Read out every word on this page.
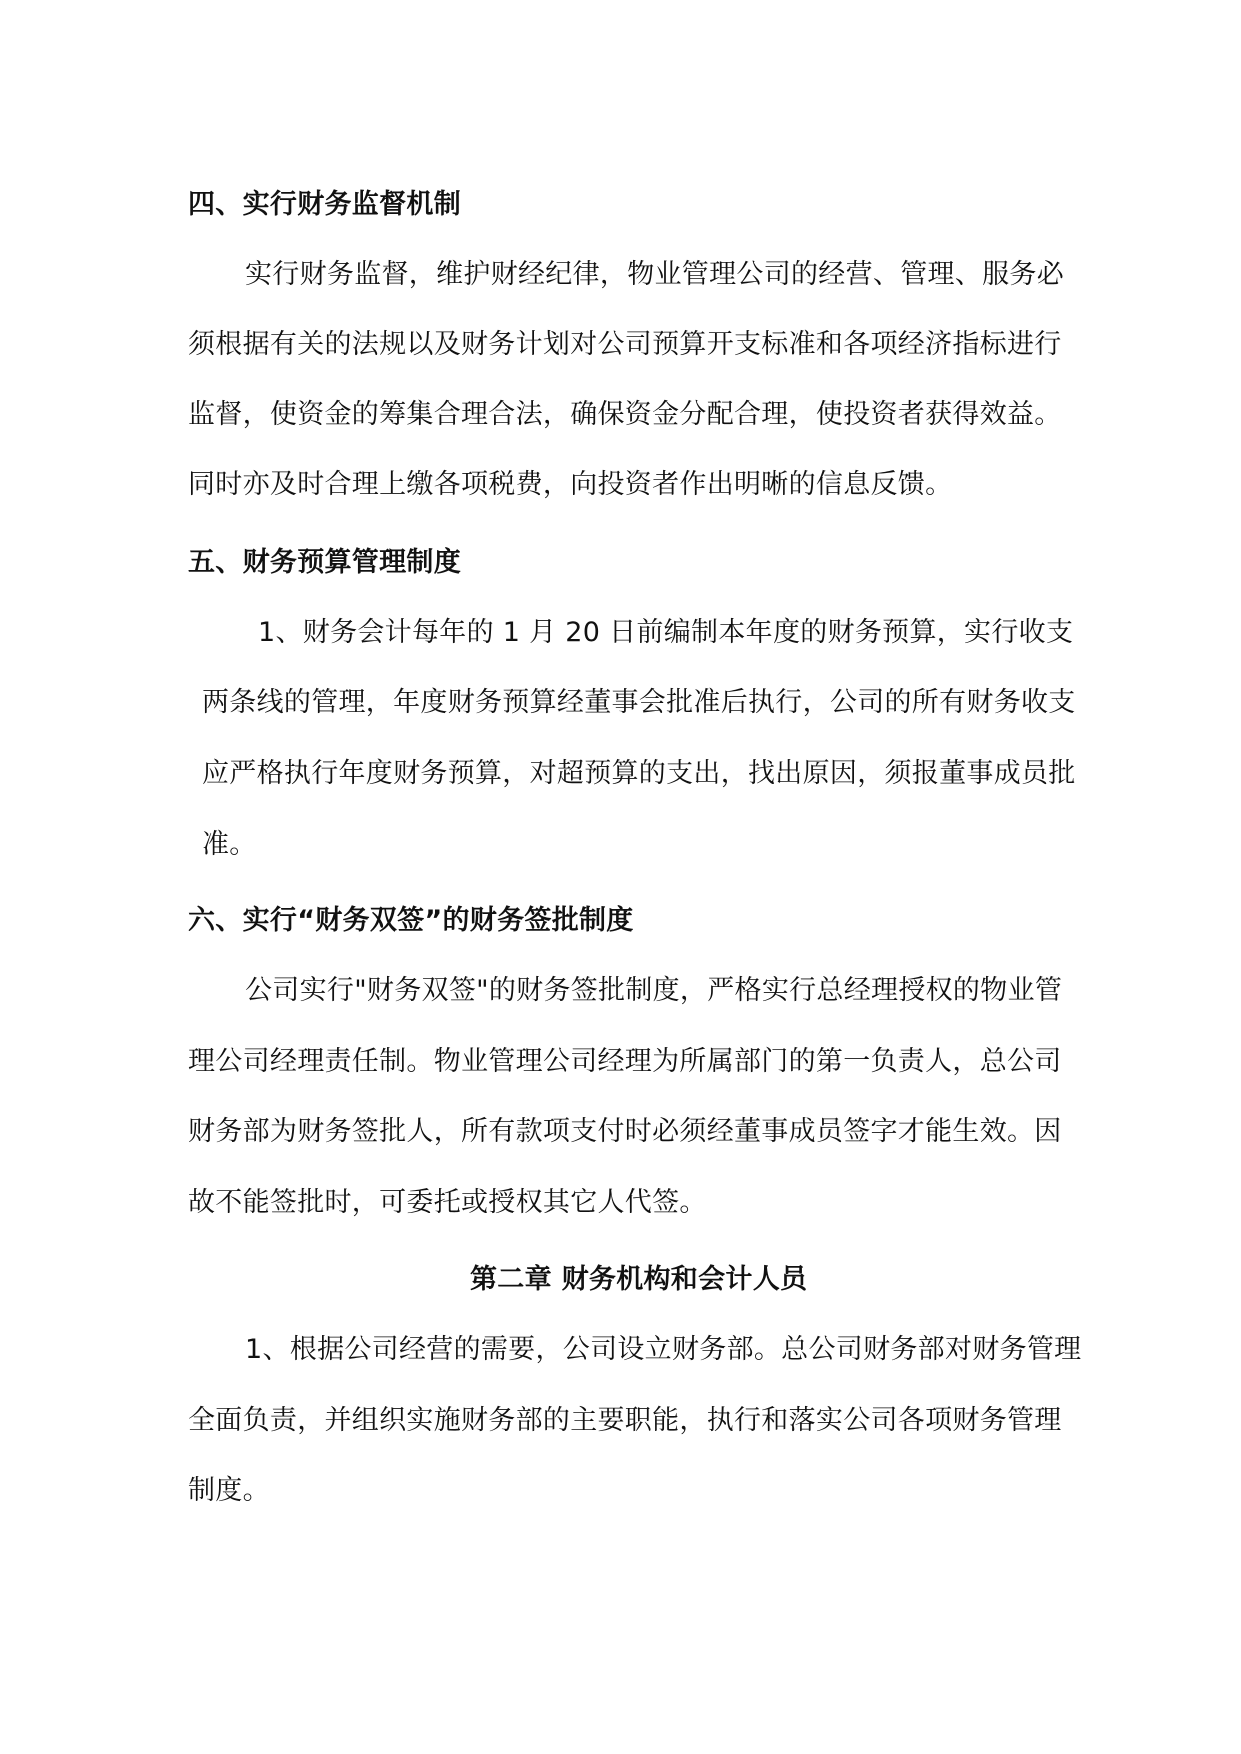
四、实行财务监督机制
实行财务监督，维护财经纪律，物业管理公司的经营、管理、服务必
须根据有关的法规以及财务计划对公司预算开支标准和各项经济指标进行
监督，使资金的筹集合理合法，确保资金分配合理，使投资者获得效益。
同时亦及时合理上缴各项税费，向投资者作出明晰的信息反馈。
五、财务预算管理制度
1、财务会计每年的 1 月 20 日前编制本年度的财务预算，实行收支
两条线的管理，年度财务预算经董事会批准后执行，公司的所有财务收支
应严格执行年度财务预算，对超预算的支出，找出原因，须报董事成员批
准。
六、实行“财务双签”的财务签批制度
公司实行"财务双签"的财务签批制度，严格实行总经理授权的物业管
理公司经理责任制。物业管理公司经理为所属部门的第一负责人，总公司
财务部为财务签批人，所有款项支付时必须经董事成员签字才能生效。因
故不能签批时，可委托或授权其它人代签。
第二章 财务机构和会计人员
1、根据公司经营的需要，公司设立财务部。总公司财务部对财务管理
全面负责，并组织实施财务部的主要职能，执行和落实公司各项财务管理
制度。
